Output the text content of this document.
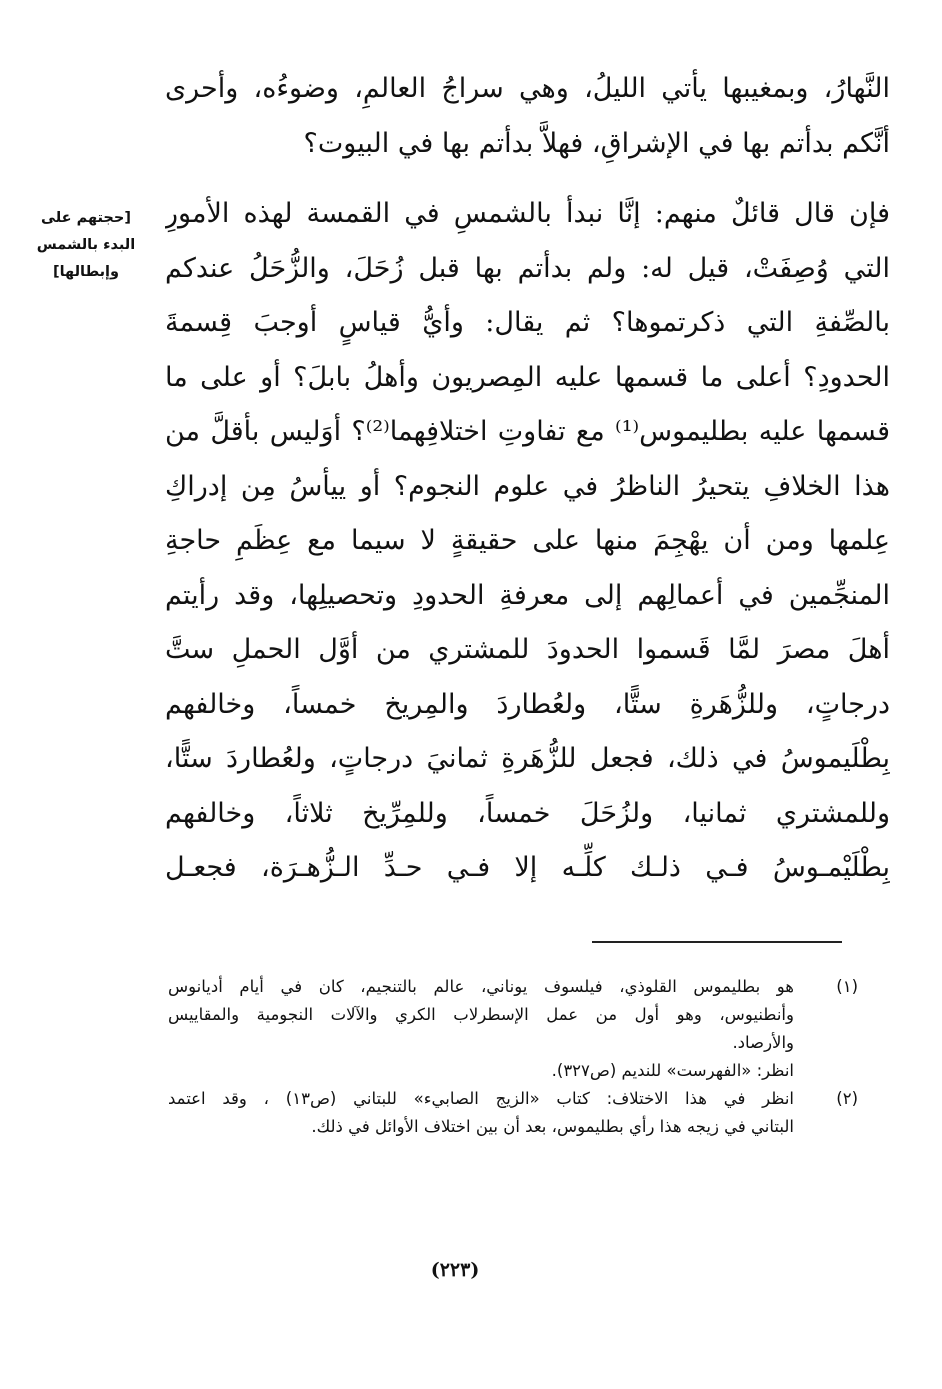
النَّهارُ، وبمغيبها يأتي الليلُ، وهي سراجُ العالمِ، وضوءُه، وأحرى
أنَّكم بدأتم بها في الإشراقِ، فهلاَّ بدأتم بها في البيوت؟
فإن قال قائلٌ منهم: إنَّا نبدأ بالشمسِ في القمسة لهذه الأمورِ
التي وُصِفَتْ، قيل له: ولم بدأتم بها قبل زُحَلَ، والزُّحَلُ عندكم
بالصِّفةِ التي ذكرتموها؟ ثم يقال: وأيُّ قياسٍ أوجبَ قِسمةَ
الحدودِ؟ أعلى ما قسمها عليه المِصريون وأهلُ بابلَ؟ أو على ما
قسمها عليه بطليموس⁽¹⁾ مع تفاوتِ اختلافِهما⁽²⁾؟ أوَليس بأقلَّ من
هذا الخلافِ يتحيرُ الناظرُ في علوم النجوم؟ أو ييأسُ مِن إدراكِ
عِلمها ومن أن يهْجِمَ منها على حقيقةٍ لا سيما مع عِظَمِ حاجةِ
المنجِّمين في أعمالِهم إلى معرفةِ الحدودِ وتحصيلِها، وقد رأيتم
أهلَ مصرَ لمَّا قَسموا الحدودَ للمشتري من أوَّل الحملِ ستَّ
درجاتٍ، وللزُّهَرةِ ستًّا، ولعُطاردَ والمِريخ خمساً، وخالفهم
بِطْلَيموسُ في ذلك، فجعل للزُّهَرةِ ثمانيَ درجاتٍ، ولعُطاردَ ستًّا،
وللمشتري ثمانيا، ولزُحَلَ خمساً، وللمِرِّيخ ثلاثاً، وخالفهم
بِطْلَيْمـوسُ فـي ذلـك كلِّـه إلا فـي حـدِّ الـزُّهـرَة، فجعـل
[حجتهم على
البدء بالشمس
وإبطالها]
(١)
هو بطليموس القلوذي، فيلسوف يوناني، عالم بالتنجيم، كان في أيام أديانوس
وأنطنيوس، وهو أول من عمل الإسطرلاب الكري والآلات النجومية والمقاييس
والأرصاد.
انظر: «الفهرست» للنديم (ص٣٢٧).
(٢)
انظر في هذا الاختلاف: كتاب «الزيج الصابيء» للبتاني (ص١٣) ، وقد اعتمد
البتاني في زيجه هذا رأي بطليموس، بعد أن بين اختلاف الأوائل في ذلك.
(٢٢٣)
